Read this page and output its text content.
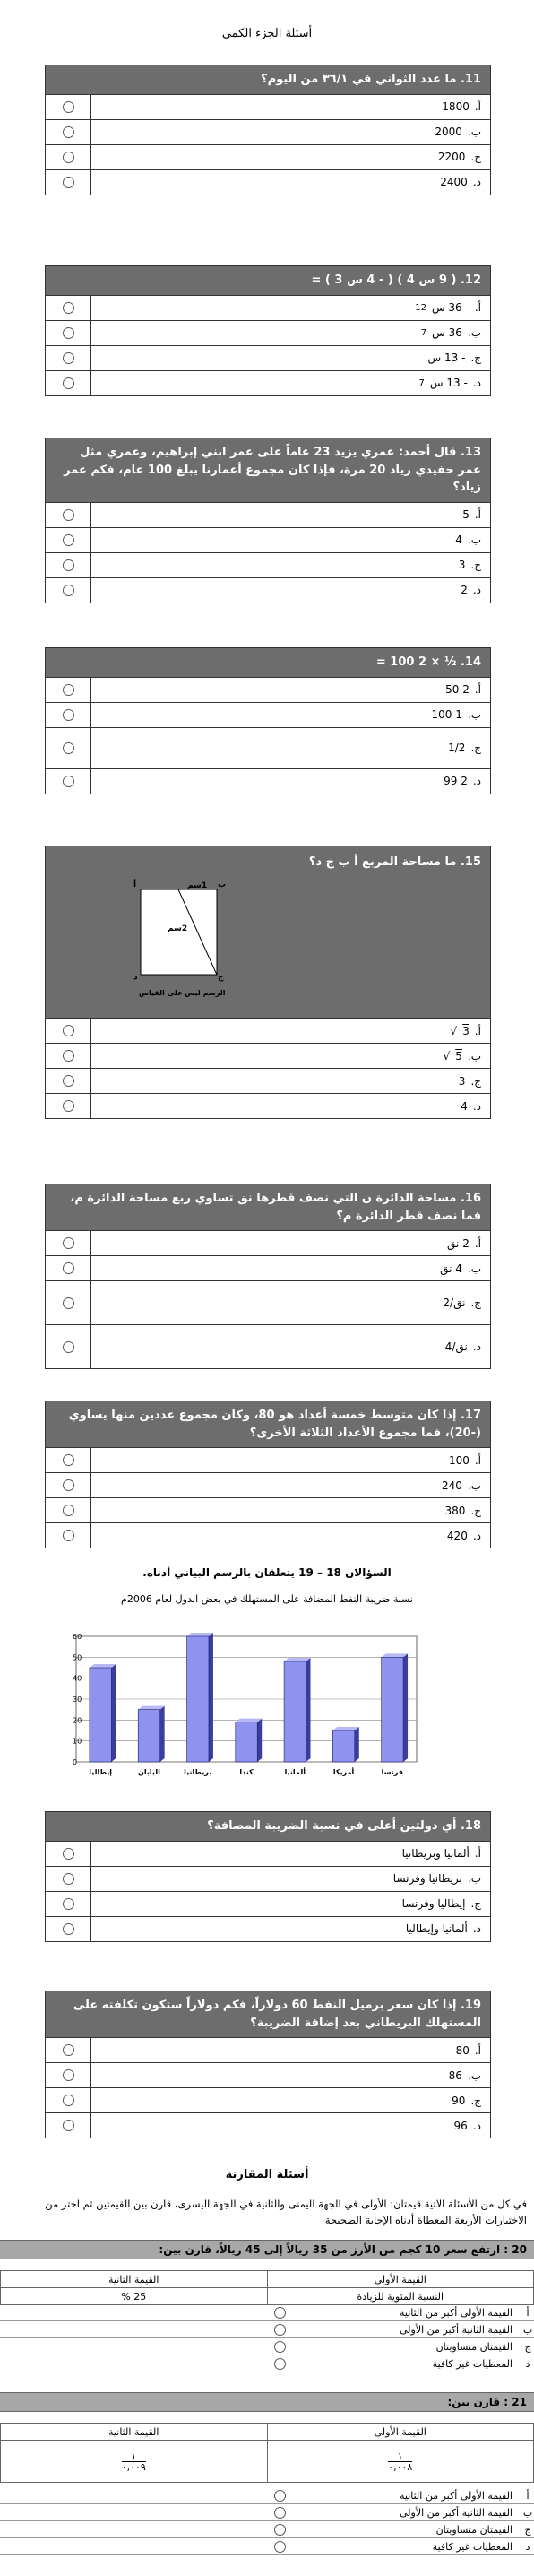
أسئلة الجزء الكمي
11. ما عدد الثواني في ٣٦/١ من اليوم؟
أ.
1800
ب.
2000
ج.
2200
د.
2400
12. ( 9 س 4 ) ( - 4 س 3 ) =
أ.
- 36 س
12
ب.
36 س
7
ج.
- 13 س
د.
- 13 س
7
13. قال أحمد: عمري يزيد 23 عاماً على عمر ابني إبراهيم، وعمري مثل عمر حفيدي زياد 20 مرة، فإذا كان مجموع أعمارنا يبلغ 100 عام، فكم عمر زياد؟
أ.
5
ب.
4
ج.
3
د.
2
14. ½ × 2 100 =
أ.
2 50
ب.
1 100
ج.
1/2
د.
2 99
15. ما مساحة المربع أ ب ج د؟
أ	ب
ج
د
1سم
2سم
الرسم ليس على القياس
أ.
3
√
ب.
5
√
ج.
3
د.
4
16. مساحة الدائرة ن التي نصف قطرها نق تساوي ربع مساحة الدائرة م، فما نصف قطر الدائرة م؟
أ.
2 نق
ب.
4 نق
ج.
نق/2
د.
نق/4
17. إذا كان متوسط خمسة أعداد هو 80، وكان مجموع عددين منها يساوي (-20)، فما مجموع الأعداد الثلاثة الأخرى؟
أ.
100
ب.
240
ج.
380
د.
420
السؤالان 18 – 19 يتعلقان بالرسم البياني أدناه.
نسبة ضريبة النفط المضافة على المستهلك في بعض الدول لعام 2006م
0
10
20
30
40
50
60
إيطاليا	اليابان	بريطانيا	كندا	ألمانيا	أمريكا	فرنسا
18. أي دولتين أعلى في نسبة الضريبة المضافة؟
أ.
ألمانيا وبريطانيا
ب.
بريطانيا وفرنسا
ج.
إيطاليا وفرنسا
د.
ألمانيا وإيطاليا
19. إذا كان سعر برميل النفط 60 دولاراً، فكم دولاراً ستكون تكلفته على المستهلك البريطاني بعد إضافة الضريبة؟
أ.
80
ب.
86
ج.
90
د.
96
أسئلة المقارنة
في كل من الأسئلة الآتية قيمتان: الأولى في الجهة اليمنى والثانية في الجهة اليسرى، قارن بين القيمتين ثم اختر من الاختيارات الأربعة المعطاة أدناه الإجابة الصحيحة
20 : ارتفع سعر 10 كجم من الأرز من 35 ريالاً إلى 45 ريالاً، قارن بين:
القيمة الأولى	القيمة الثانية
النسبة المئوية للزيادة	25 %
أ
القيمة الأولى أكبر من الثانية
ب
القيمة الثانية أكبر من الأولى
ج
القيمتان متساويتان
د
المعطيات غير كافية
21 : قارن بين:
القيمة الأولى	القيمة الثانية

$\frac{١}{٠,٠٠٨}$	$\frac{١}{٠,٠٠٩}$
أ
القيمة الأولى أكبر من الثانية
ب
القيمة الثانية أكبر من الأولى
ج
القيمتان متساويتان
د
المعطيات غير كافية
